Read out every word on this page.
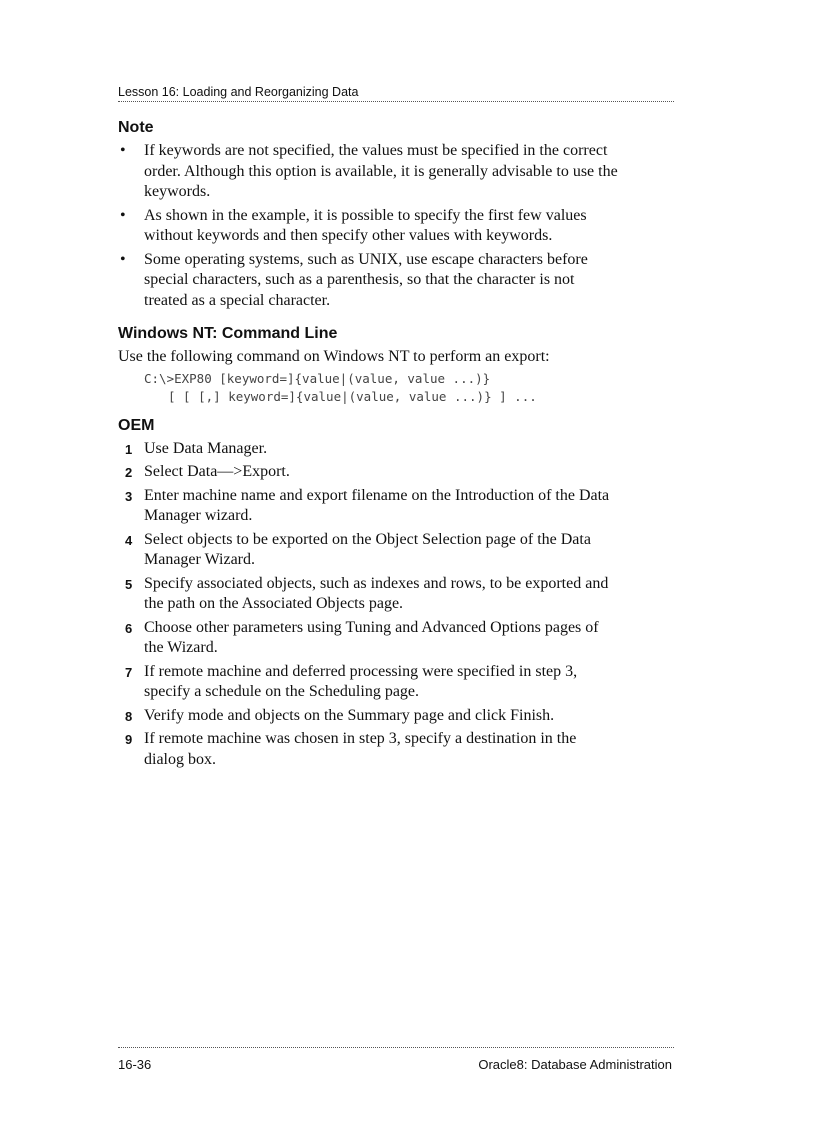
Lesson 16: Loading and Reorganizing Data
Note
• If keywords are not specified, the values must be specified in the correct order. Although this option is available, it is generally advisable to use the keywords.
• As shown in the example, it is possible to specify the first few values without keywords and then specify other values with keywords.
• Some operating systems, such as UNIX, use escape characters before special characters, such as a parenthesis, so that the character is not treated as a special character.
Windows NT: Command Line
Use the following command on Windows NT to perform an export:
C:\>EXP80 [keyword=]{value|(value, value ...)}
[ [ [,] keyword=]{value|(value, value ...)} ] ...
OEM
1 Use Data Manager.
2 Select Data—>Export.
3 Enter machine name and export filename on the Introduction of the Data Manager wizard.
4 Select objects to be exported on the Object Selection page of the Data Manager Wizard.
5 Specify associated objects, such as indexes and rows, to be exported and the path on the Associated Objects page.
6 Choose other parameters using Tuning and Advanced Options pages of the Wizard.
7 If remote machine and deferred processing were specified in step 3, specify a schedule on the Scheduling page.
8 Verify mode and objects on the Summary page and click Finish.
9 If remote machine was chosen in step 3, specify a destination in the dialog box.
16-36	Oracle8: Database Administration
